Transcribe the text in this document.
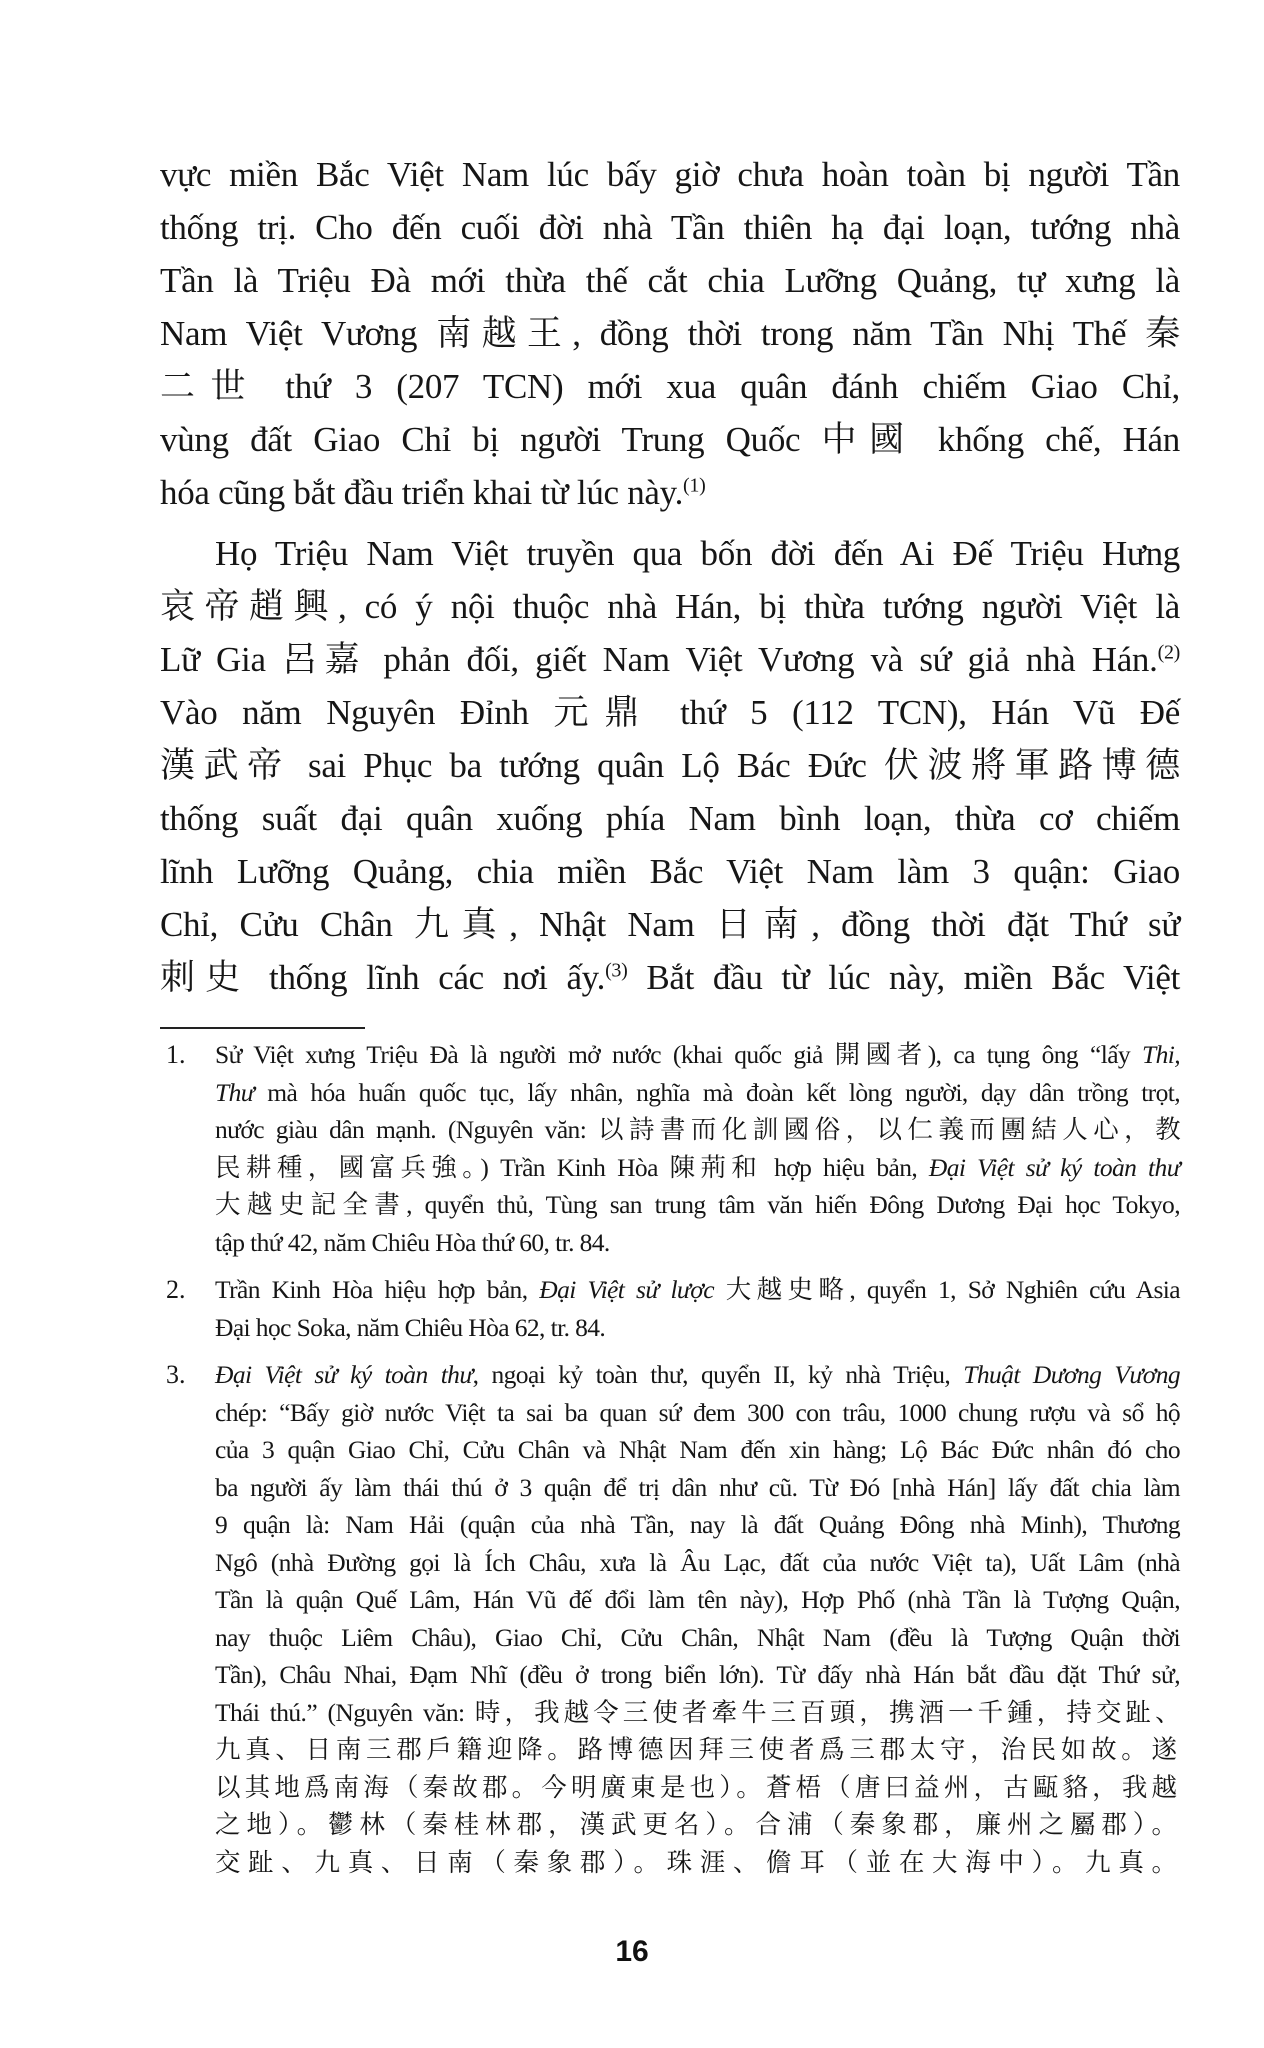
vực miền Bắc Việt Nam lúc bấy giờ chưa hoàn toàn bị người Tần
thống trị. Cho đến cuối đời nhà Tần thiên hạ đại loạn, tướng nhà
Tần là Triệu Đà mới thừa thế cắt chia Lưỡng Quảng, tự xưng là
Nam Việt Vương 南越王, đồng thời trong năm Tần Nhị Thế 秦
二世 thứ 3 (207 TCN) mới xua quân đánh chiếm Giao Chỉ,
vùng đất Giao Chỉ bị người Trung Quốc 中國 khống chế, Hán
hóa cũng bắt đầu triển khai từ lúc này.$^{(1)}$
Họ Triệu Nam Việt truyền qua bốn đời đến Ai Đế Triệu Hưng
哀帝趙興, có ý nội thuộc nhà Hán, bị thừa tướng người Việt là
Lữ Gia 呂嘉 phản đối, giết Nam Việt Vương và sứ giả nhà Hán.$^{(2)}$
Vào năm Nguyên Đỉnh 元鼎 thứ 5 (112 TCN), Hán Vũ Đế
漢武帝 sai Phục ba tướng quân Lộ Bác Đức 伏波將軍路博德
thống suất đại quân xuống phía Nam bình loạn, thừa cơ chiếm
lĩnh Lưỡng Quảng, chia miền Bắc Việt Nam làm 3 quận: Giao
Chỉ, Cửu Chân 九真, Nhật Nam 日南, đồng thời đặt Thứ sử
刺史 thống lĩnh các nơi ấy.$^{(3)}$ Bắt đầu từ lúc này, miền Bắc Việt
1. Sử Việt xưng Triệu Đà là người mở nước (khai quốc giả 開國者), ca tụng ông “lấy Thi,
Thư mà hóa huấn quốc tục, lấy nhân, nghĩa mà đoàn kết lòng người, dạy dân trồng trọt,
nước giàu dân mạnh. (Nguyên văn: 以詩書而化訓國俗，以仁義而團結人心，教
民耕種，國富兵強。) Trần Kinh Hòa 陳荊和 hợp hiệu bản, Đại Việt sử ký toàn thư
大越史記全書, quyển thủ, Tùng san trung tâm văn hiến Đông Dương Đại học Tokyo,
tập thứ 42, năm Chiêu Hòa thứ 60, tr. 84.
2. Trần Kinh Hòa hiệu hợp bản, Đại Việt sử lược 大越史略, quyển 1, Sở Nghiên cứu Asia
Đại học Soka, năm Chiêu Hòa 62, tr. 84.
3. Đại Việt sử ký toàn thư, ngoại kỷ toàn thư, quyển II, kỷ nhà Triệu, Thuật Dương Vương
chép: “Bấy giờ nước Việt ta sai ba quan sứ đem 300 con trâu, 1000 chung rượu và sổ hộ
của 3 quận Giao Chỉ, Cửu Chân và Nhật Nam đến xin hàng; Lộ Bác Đức nhân đó cho
ba người ấy làm thái thú ở 3 quận để trị dân như cũ. Từ Đó [nhà Hán] lấy đất chia làm
9 quận là: Nam Hải (quận của nhà Tần, nay là đất Quảng Đông nhà Minh), Thương
Ngô (nhà Đường gọi là Ích Châu, xưa là Âu Lạc, đất của nước Việt ta), Uất Lâm (nhà
Tần là quận Quế Lâm, Hán Vũ đế đổi làm tên này), Hợp Phố (nhà Tần là Tượng Quận,
nay thuộc Liêm Châu), Giao Chỉ, Cửu Chân, Nhật Nam (đều là Tượng Quận thời
Tần), Châu Nhai, Đạm Nhĩ (đều ở trong biển lớn). Từ đấy nhà Hán bắt đầu đặt Thứ sử,
Thái thú.” (Nguyên văn: 時，我越令三使者牽牛三百頭，携酒一千鍾，持交趾、
九真、日南三郡戶籍迎降。路博德因拜三使者爲三郡太守，治民如故。遂
以其地爲南海（秦故郡。今明廣東是也）。蒼梧（唐曰益州，古甌貉，我越
之地）。鬱林（秦桂林郡，漢武更名）。合浦（秦象郡，廉州之屬郡）。
交趾、九真、日南（秦象郡）。珠涯、儋耳（並在大海中）。九真。
16
